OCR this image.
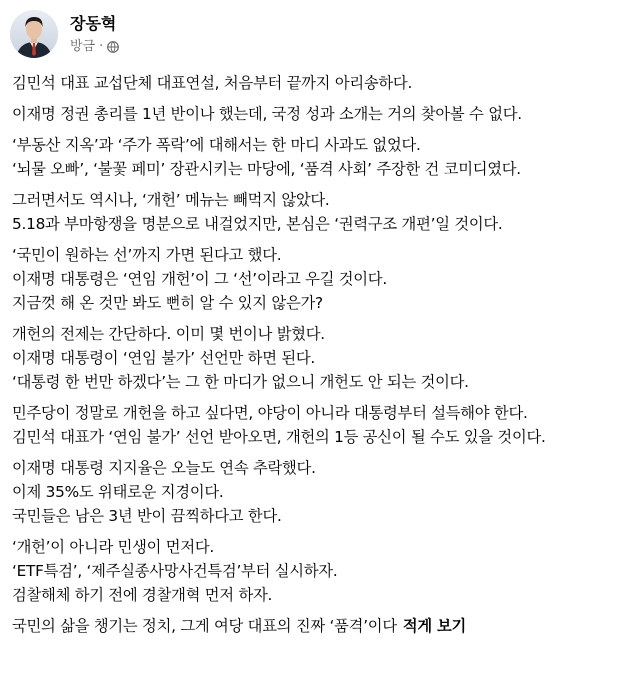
장동혁
방금 ·
김민석 대표 교섭단체 대표연설, 처음부터 끝까지 아리송하다.
이재명 정권 총리를 1년 반이나 했는데, 국정 성과 소개는 거의 찾아볼 수 없다.
‘부동산 지옥’과 ‘주가 폭락’에 대해서는 한 마디 사과도 없었다.
‘뇌물 오빠’, ‘불꽃 페미’ 장관시키는 마당에, ‘품격 사회’ 주장한 건 코미디였다.
그러면서도 역시나, ‘개헌’ 메뉴는 빼먹지 않았다.
5.18과 부마항쟁을 명분으로 내걸었지만, 본심은 ‘권력구조 개편’일 것이다.
‘국민이 원하는 선’까지 가면 된다고 했다.
이재명 대통령은 ‘연임 개헌’이 그 ‘선’이라고 우길 것이다.
지금껏 해 온 것만 봐도 뻔히 알 수 있지 않은가?
개헌의 전제는 간단하다. 이미 몇 번이나 밝혔다.
이재명 대통령이 ‘연임 불가’ 선언만 하면 된다.
‘대통령 한 번만 하겠다’는 그 한 마디가 없으니 개헌도 안 되는 것이다.
민주당이 정말로 개헌을 하고 싶다면, 야당이 아니라 대통령부터 설득해야 한다.
김민석 대표가 ‘연임 불가’ 선언 받아오면, 개헌의 1등 공신이 될 수도 있을 것이다.
이재명 대통령 지지율은 오늘도 연속 추락했다.
이제 35%도 위태로운 지경이다.
국민들은 남은 3년 반이 끔찍하다고 한다.
‘개헌’이 아니라 민생이 먼저다.
‘ETF특검’, ‘제주실종사망사건특검’부터 실시하자.
검찰해체 하기 전에 경찰개혁 먼저 하자.
국민의 삶을 챙기는 정치, 그게 여당 대표의 진짜 ‘품격’이다 적게 보기
